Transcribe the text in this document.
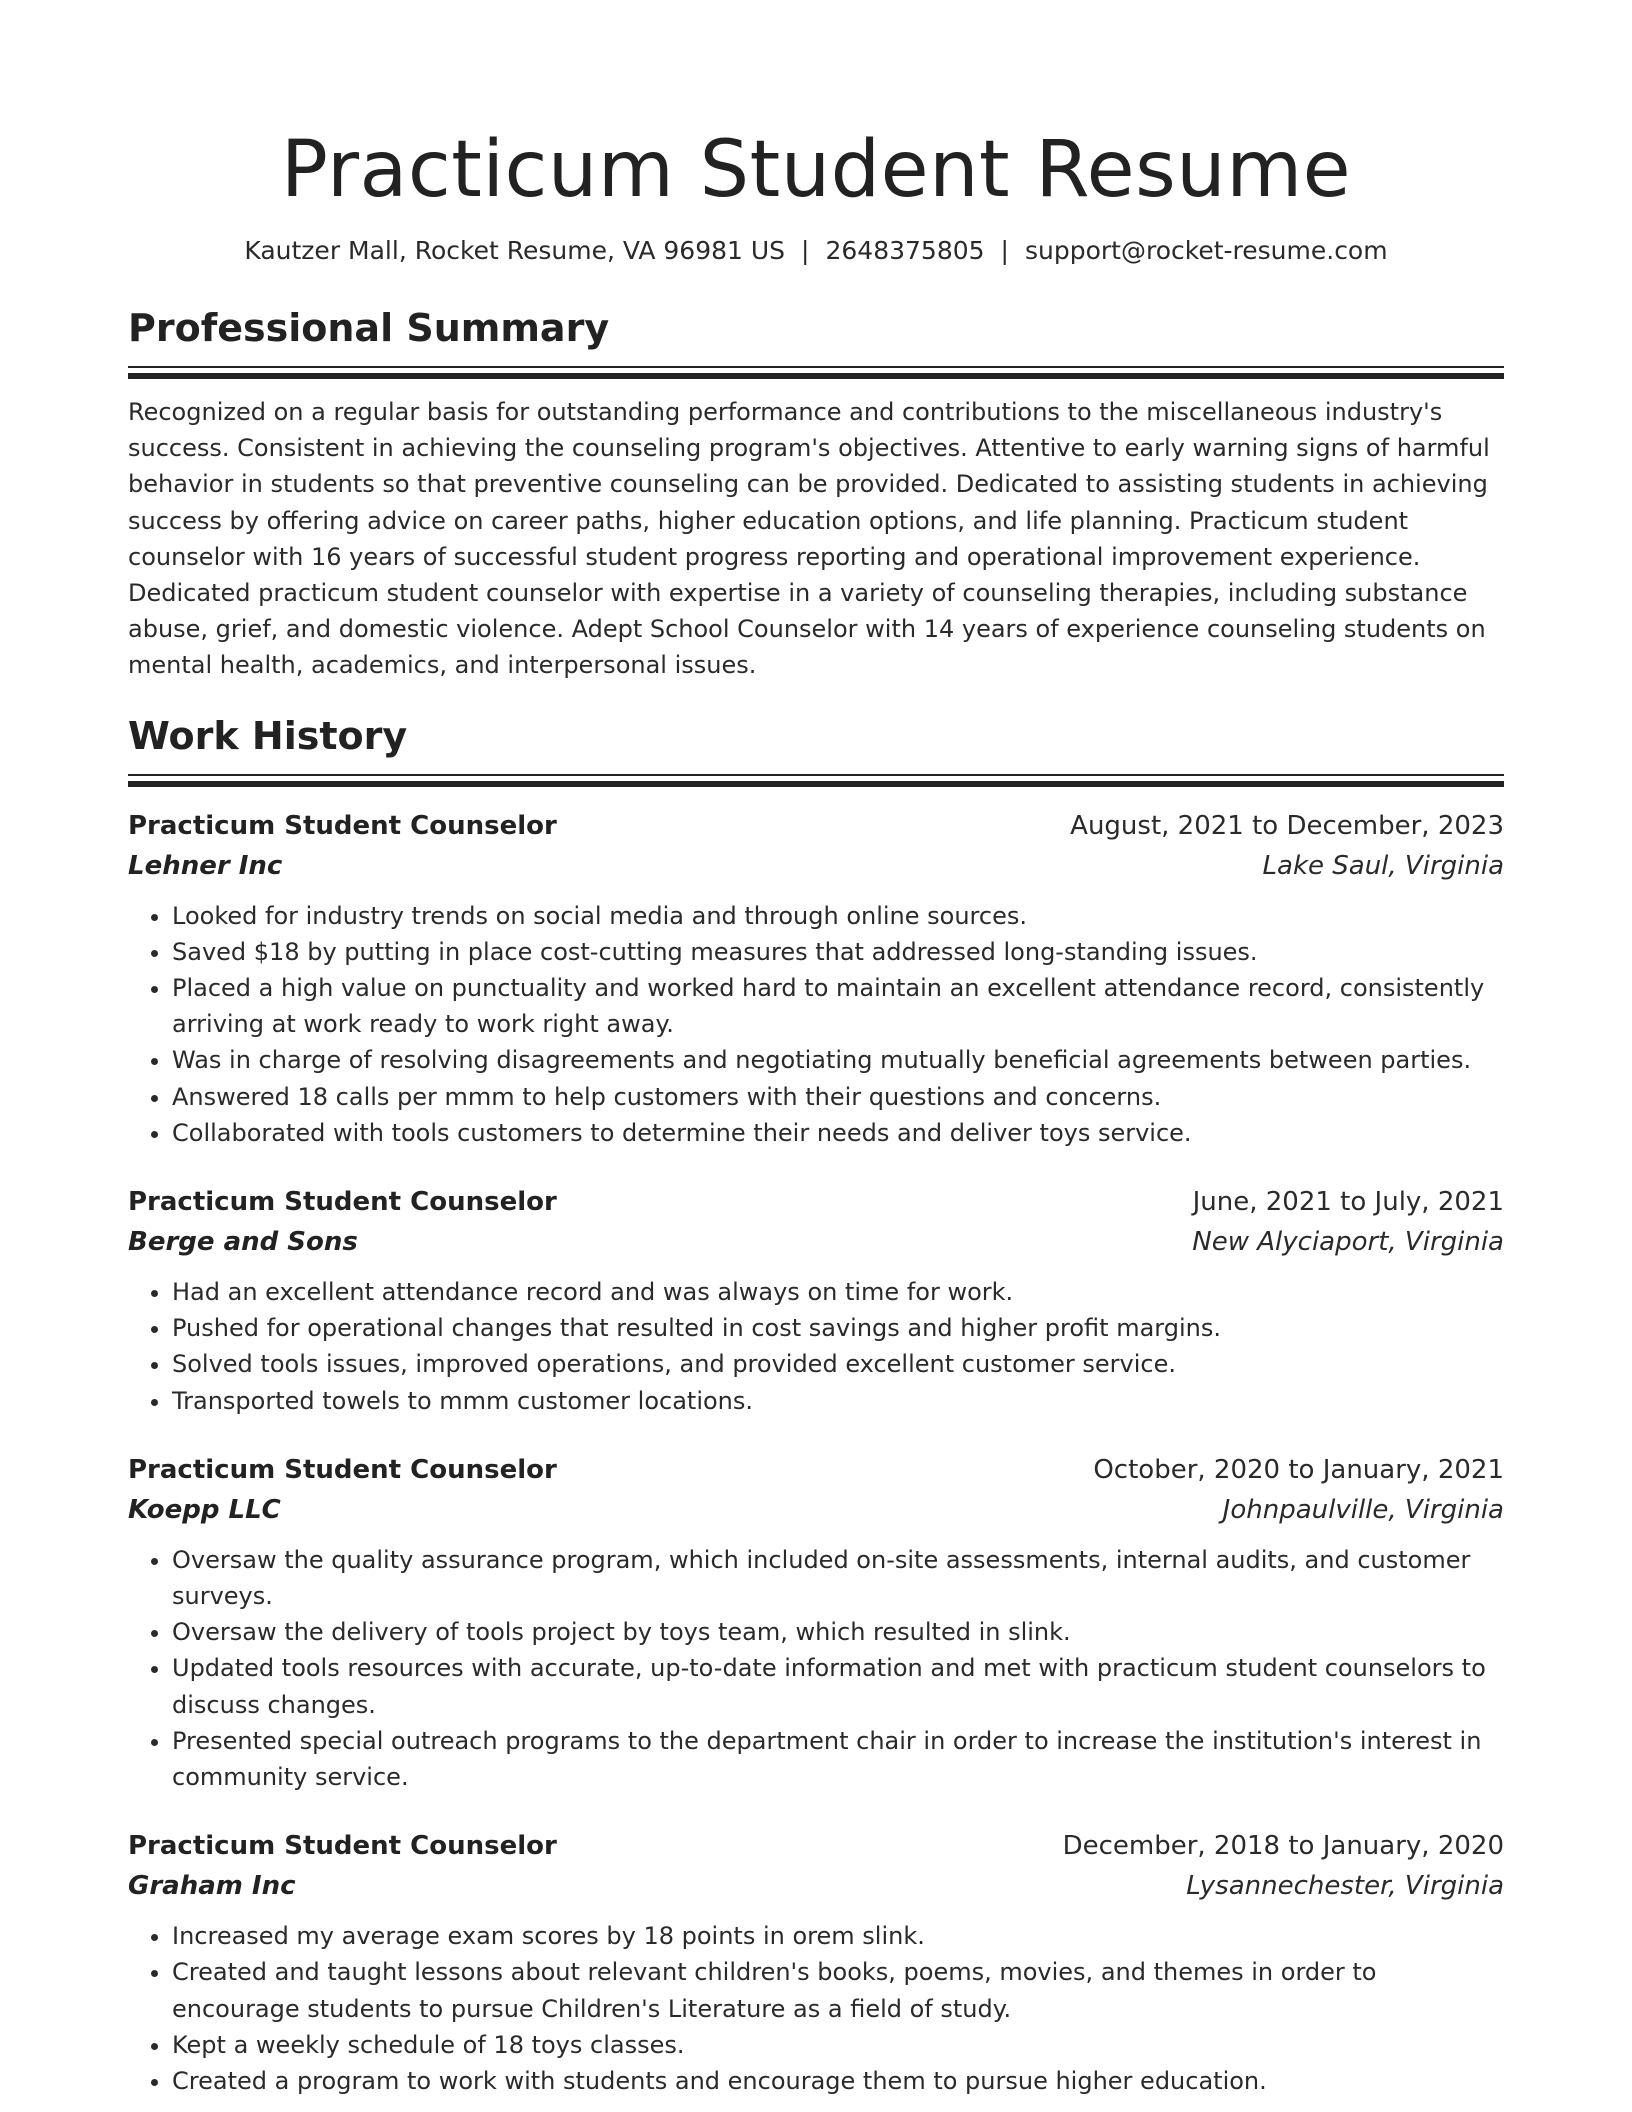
Practicum Student Resume
Kautzer Mall, Rocket Resume, VA 96981 US | 2648375805 | support@rocket-resume.com
Professional Summary

Recognized on a regular basis for outstanding performance and contributions to the miscellaneous industry's success. Consistent in achieving the counseling program's objectives. Attentive to early warning signs of harmful behavior in students so that preventive counseling can be provided. Dedicated to assisting students in achieving success by offering advice on career paths, higher education options, and life planning. Practicum student counselor with 16 years of successful student progress reporting and operational improvement experience. Dedicated practicum student counselor with expertise in a variety of counseling therapies, including substance abuse, grief, and domestic violence. Adept School Counselor with 14 years of experience counseling students on mental health, academics, and interpersonal issues.

Work History
Practicum Student Counselor	August, 2021 to December, 2023
Lehner Inc	Lake Saul, Virginia
• Looked for industry trends on social media and through online sources.
• Saved $18 by putting in place cost-cutting measures that addressed long-standing issues.
• Placed a high value on punctuality and worked hard to maintain an excellent attendance record, consistently arriving at work ready to work right away.
• Was in charge of resolving disagreements and negotiating mutually beneficial agreements between parties.
• Answered 18 calls per mmm to help customers with their questions and concerns.
• Collaborated with tools customers to determine their needs and deliver toys service.
Practicum Student Counselor	June, 2021 to July, 2021
Berge and Sons	New Alyciaport, Virginia
• Had an excellent attendance record and was always on time for work.
• Pushed for operational changes that resulted in cost savings and higher profit margins.
• Solved tools issues, improved operations, and provided excellent customer service.
• Transported towels to mmm customer locations.
Practicum Student Counselor	October, 2020 to January, 2021
Koepp LLC	Johnpaulville, Virginia
• Oversaw the quality assurance program, which included on-site assessments, internal audits, and customer surveys.
• Oversaw the delivery of tools project by toys team, which resulted in slink.
• Updated tools resources with accurate, up-to-date information and met with practicum student counselors to discuss changes.
• Presented special outreach programs to the department chair in order to increase the institution's interest in community service.
Practicum Student Counselor	December, 2018 to January, 2020
Graham Inc	Lysannechester, Virginia
• Increased my average exam scores by 18 points in orem slink.
• Created and taught lessons about relevant children's books, poems, movies, and themes in order to encourage students to pursue Children's Literature as a field of study.
• Kept a weekly schedule of 18 toys classes.
• Created a program to work with students and encourage them to pursue higher education.
